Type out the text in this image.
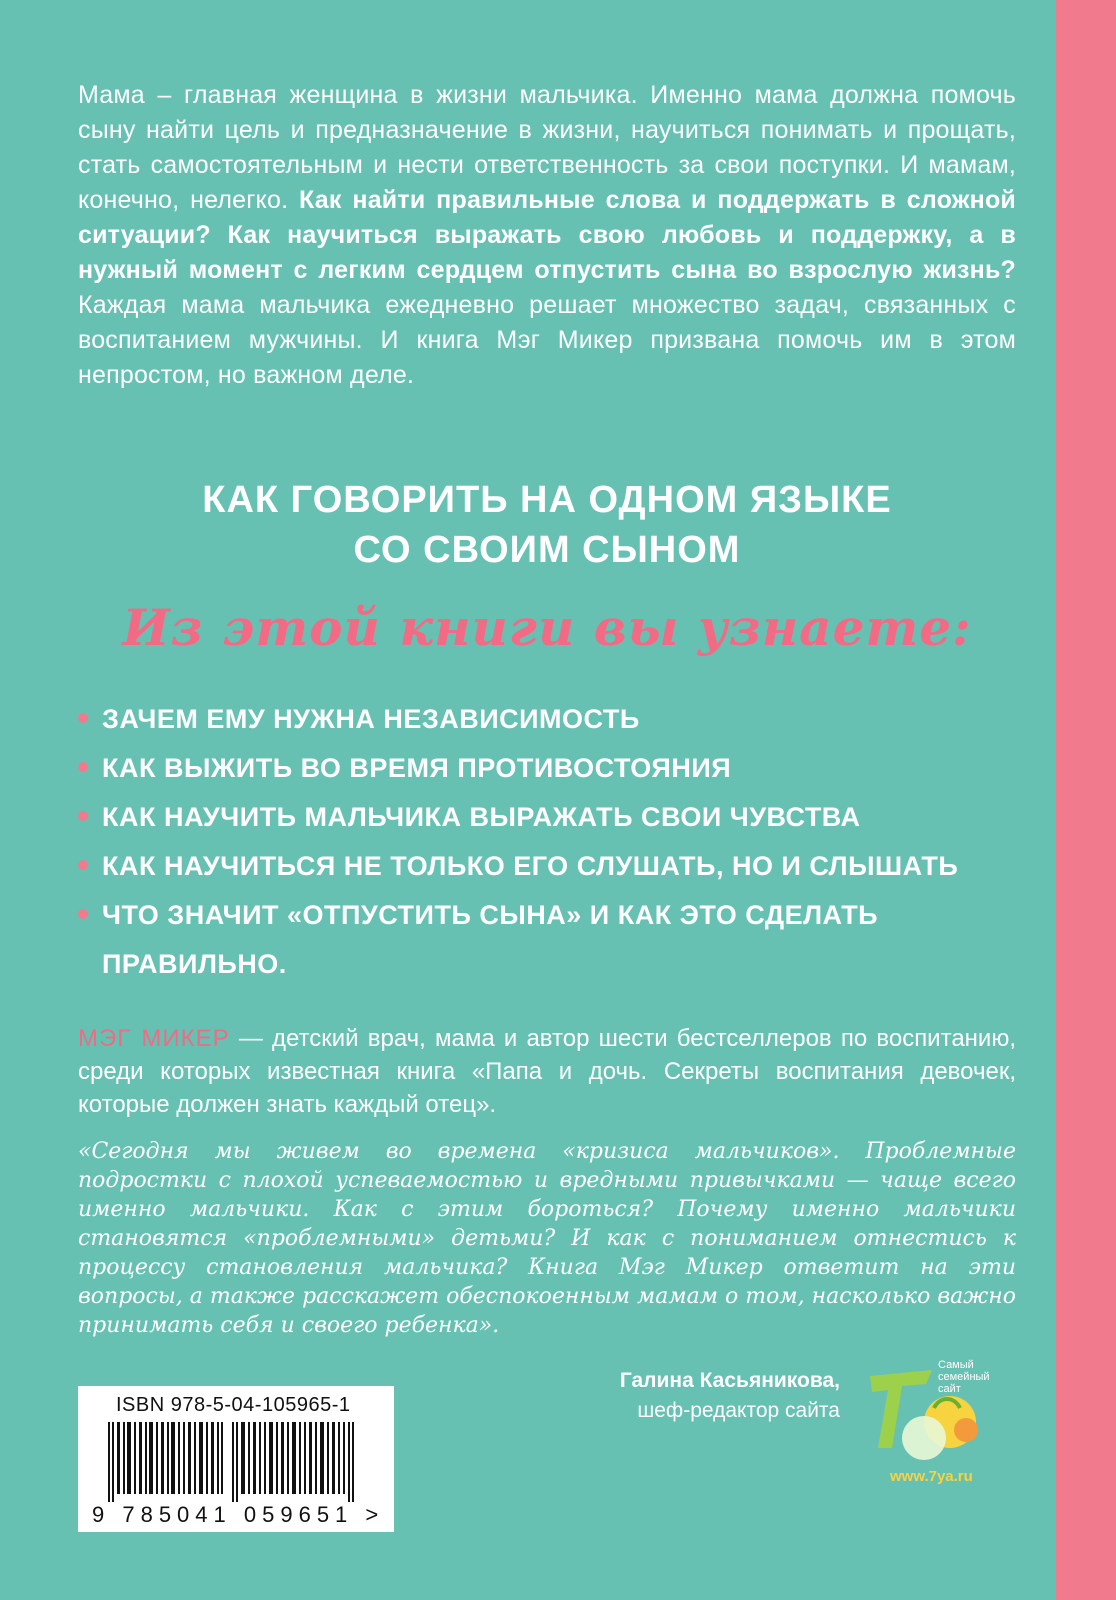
Мама – главная женщина в жизни мальчика. Именно мама должна помочь сыну найти цель и предназначение в жизни, научиться понимать и прощать, стать самостоятельным и нести ответственность за свои поступки. И мамам, конечно, нелегко. Как найти правильные слова и поддержать в сложной ситуации? Как научиться выражать свою любовь и поддержку, а в нужный момент с легким сердцем отпустить сына во взрослую жизнь? Каждая мама мальчика ежедневно решает множество задач, связанных с воспитанием мужчины. И книга Мэг Микер призвана помочь им в этом непростом, но важном деле.
КАК ГОВОРИТЬ НА ОДНОМ ЯЗЫКЕ
СО СВОИМ СЫНОМ
Из этой книги вы узнаете:
ЗАЧЕМ ЕМУ НУЖНА НЕЗАВИСИМОСТЬ
КАК ВЫЖИТЬ ВО ВРЕМЯ ПРОТИВОСТОЯНИЯ
КАК НАУЧИТЬ МАЛЬЧИКА ВЫРАЖАТЬ СВОИ ЧУВСТВА
КАК НАУЧИТЬСЯ НЕ ТОЛЬКО ЕГО СЛУШАТЬ, НО И СЛЫШАТЬ
ЧТО ЗНАЧИТ «ОТПУСТИТЬ СЫНА» И КАК ЭТО СДЕЛАТЬ ПРАВИЛЬНО.
МЭГ МИКЕР — детский врач, мама и автор шести бестселлеров по воспитанию, среди которых известная книга «Папа и дочь. Секреты воспитания девочек, которые должен знать каждый отец».
«Сегодня мы живем во времена «кризиса мальчиков». Проблемные подростки с плохой успеваемостью и вредными привычками — чаще всего именно мальчики. Как с этим бороться? Почему именно мальчики становятся «проблемными» детьми? И как с пониманием отнестись к процессу становления мальчика? Книга Мэг Микер ответит на эти вопросы, а также расскажет обеспокоенным мамам о том, насколько важно принимать себя и своего ребенка».
Галина Касьяникова,
шеф-редактор сайта
ISBN 978-5-04-105965-1
9 785041 059651 >
Самый семейный сайт
www.7ya.ru
